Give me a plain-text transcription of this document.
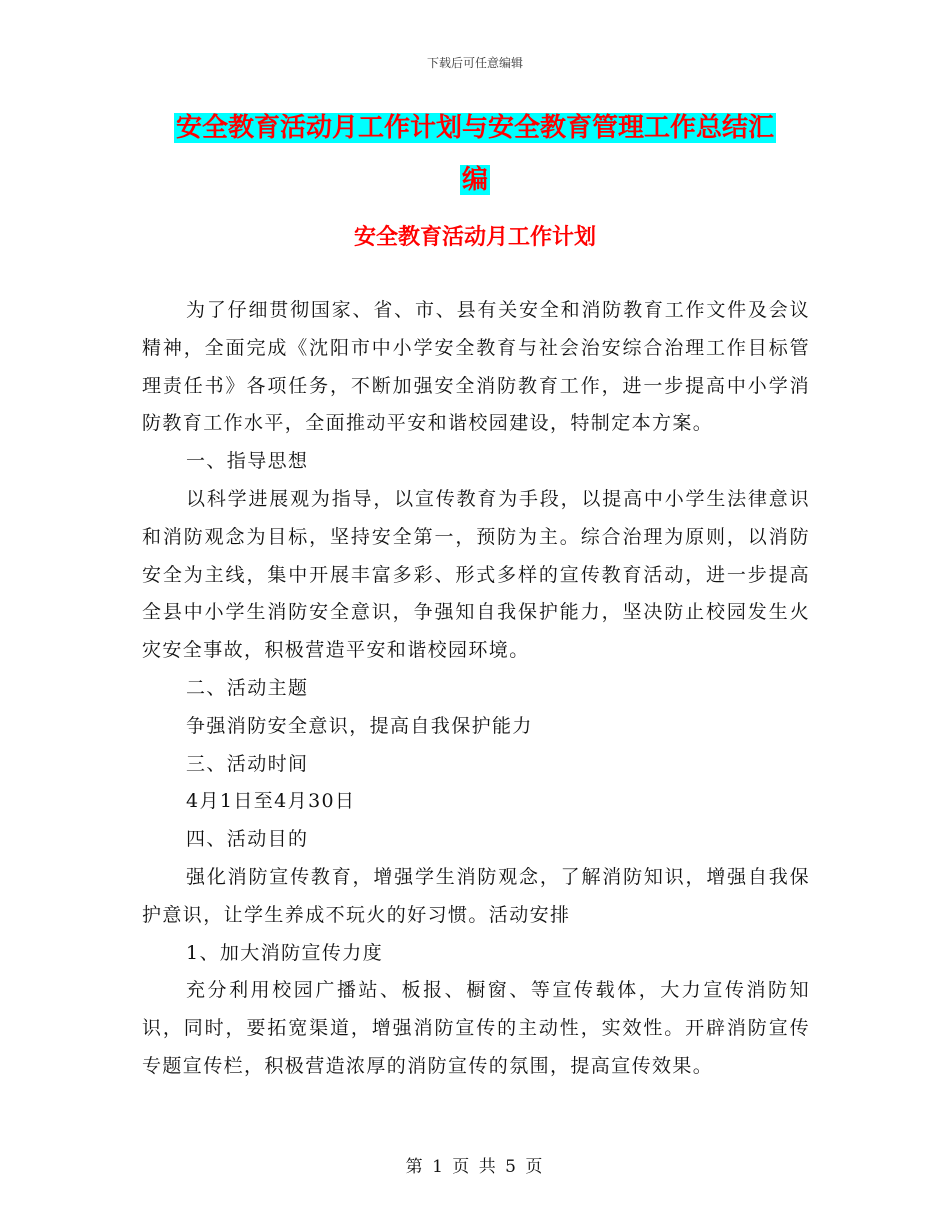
下载后可任意编辑
安全教育活动月工作计划与安全教育管理工作总结汇
编
安全教育活动月工作计划

为了仔细贯彻国家、省、市、县有关安全和消防教育工作文件及会议精神，全面完成《沈阳市中小学安全教育与社会治安综合治理工作目标管理责任书》各项任务，不断加强安全消防教育工作，进一步提高中小学消防教育工作水平，全面推动平安和谐校园建设，特制定本方案。

一、指导思想

以科学进展观为指导，以宣传教育为手段，以提高中小学生法律意识和消防观念为目标，坚持安全第一，预防为主。综合治理为原则，以消防安全为主线，集中开展丰富多彩、形式多样的宣传教育活动，进一步提高全县中小学生消防安全意识，争强知自我保护能力，坚决防止校园发生火灾安全事故，积极营造平安和谐校园环境。

二、活动主题

争强消防安全意识，提高自我保护能力

三、活动时间

4月1日至4月30日

四、活动目的

强化消防宣传教育，增强学生消防观念，了解消防知识，增强自我保护意识，让学生养成不玩火的好习惯。活动安排

1、加大消防宣传力度

充分利用校园广播站、板报、橱窗、等宣传载体，大力宣传消防知识，同时，要拓宽渠道，增强消防宣传的主动性，实效性。开辟消防宣传专题宣传栏，积极营造浓厚的消防宣传的氛围，提高宣传效果。

第 1 页 共 5 页
